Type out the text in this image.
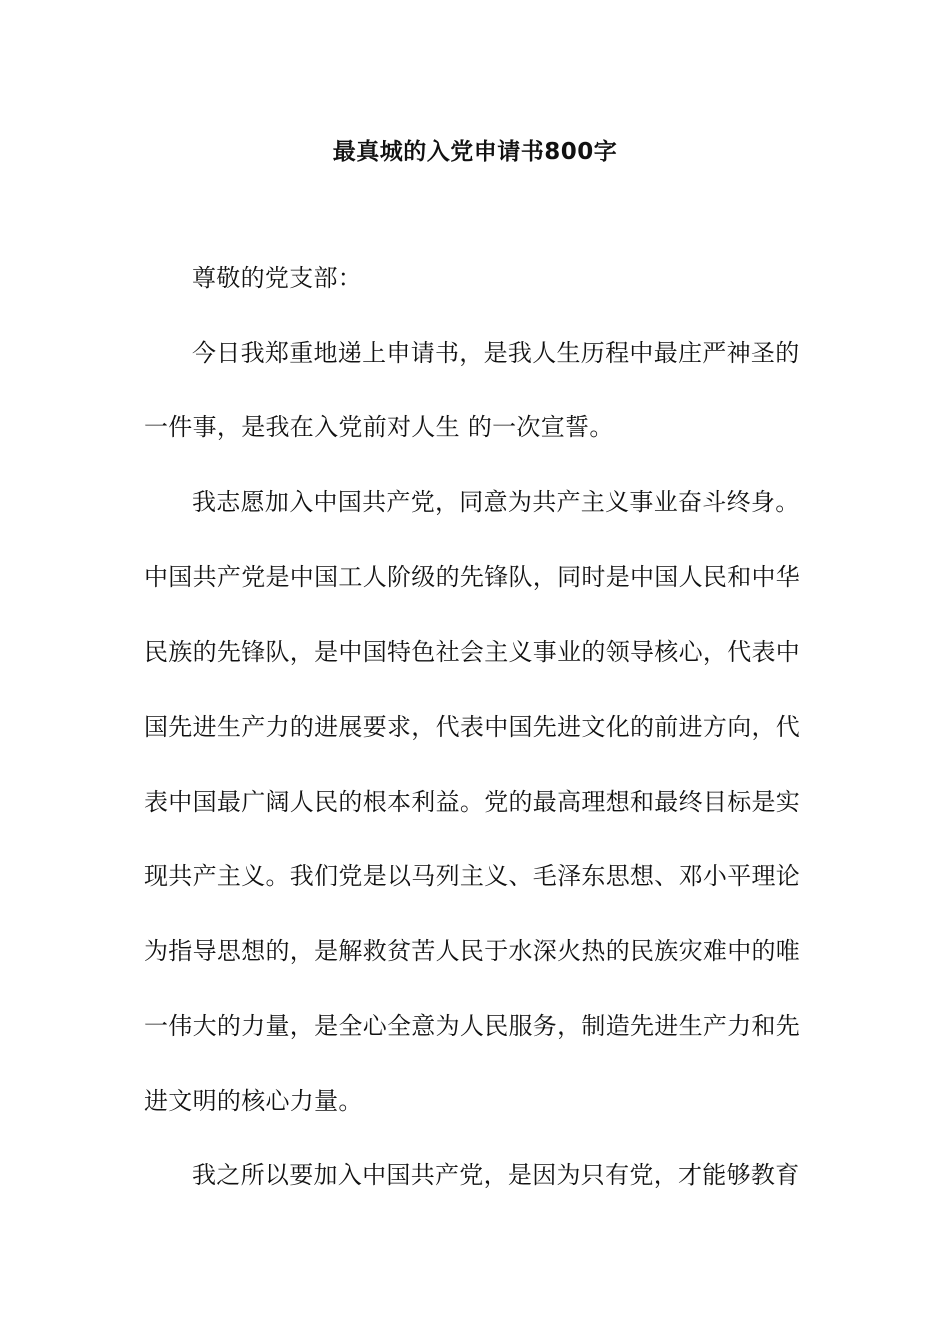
最真城的入党申请书800字
尊敬的党支部：
今日我郑重地递上申请书，是我人生历程中最庄严神圣的
一件事，是我在入党前对人生 的一次宣誓。
我志愿加入中国共产党，同意为共产主义事业奋斗终身。
中国共产党是中国工人阶级的先锋队，同时是中国人民和中华
民族的先锋队，是中国特色社会主义事业的领导核心，代表中
国先进生产力的进展要求，代表中国先进文化的前进方向，代
表中国最广阔人民的根本利益。党的最高理想和最终目标是实
现共产主义。我们党是以马列主义、毛泽东思想、邓小平理论
为指导思想的，是解救贫苦人民于水深火热的民族灾难中的唯
一伟大的力量，是全心全意为人民服务，制造先进生产力和先
进文明的核心力量。
我之所以要加入中国共产党，是因为只有党，才能够教育
